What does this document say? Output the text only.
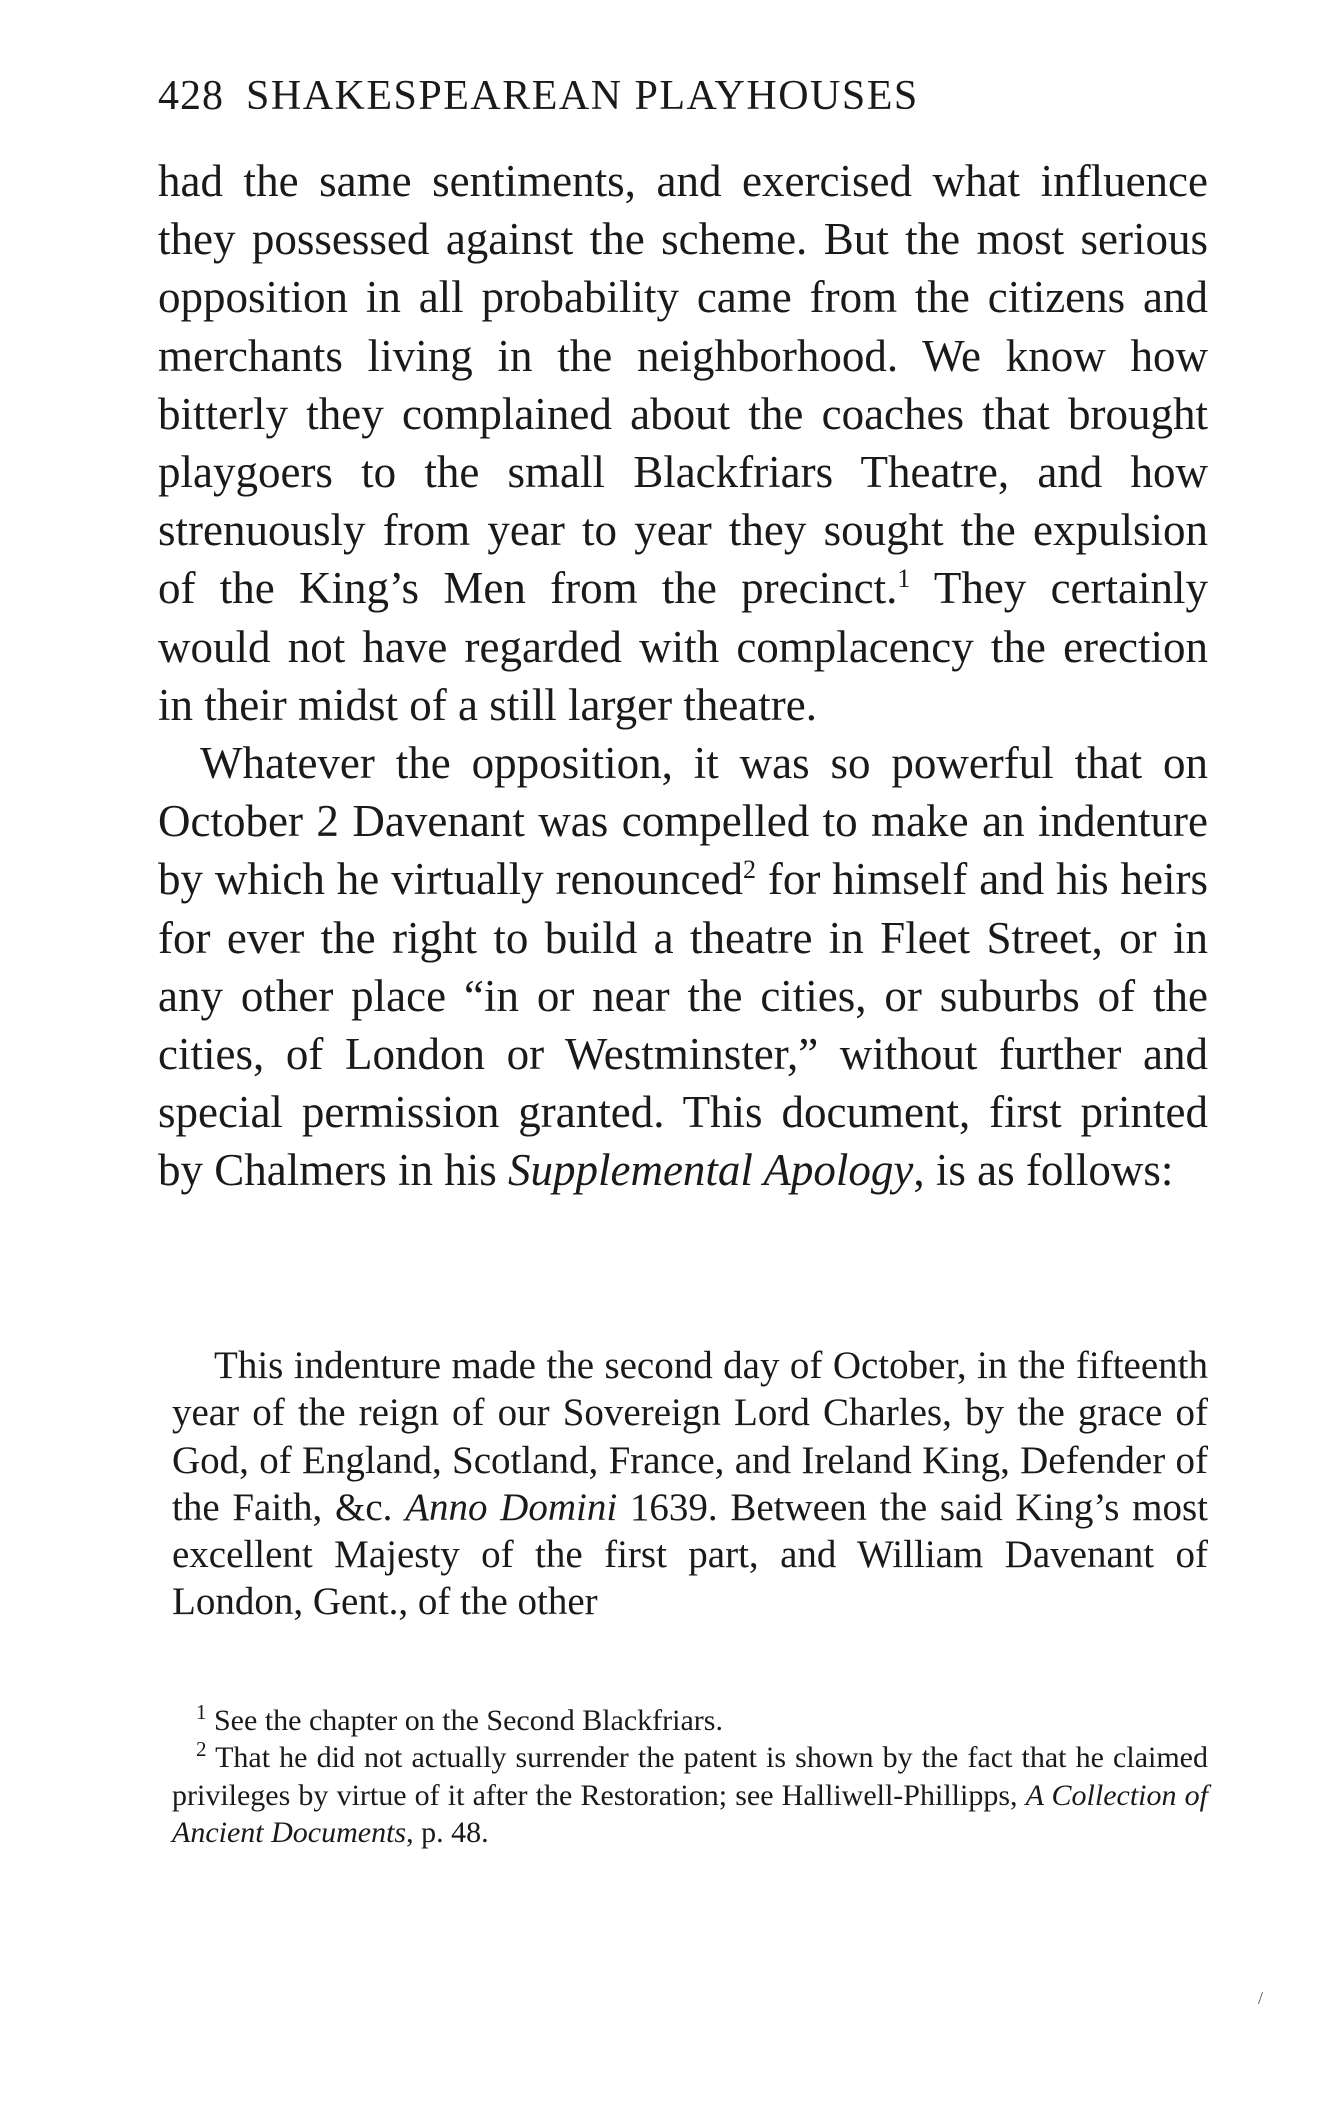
428 SHAKESPEAREAN PLAYHOUSES

had the same sentiments, and exercised what influence they possessed against the scheme. But the most serious opposition in all probability came from the citizens and merchants living in the neighborhood. We know how bitterly they complained about the coaches that brought playgoers to the small Blackfriars Theatre, and how strenuously from year to year they sought the expulsion of the King’s Men from the precinct.$^1$ They certainly would not have regarded with complacency the erection in their midst of a still larger theatre.

Whatever the opposition, it was so powerful that on October 2 Davenant was compelled to make an indenture by which he virtually renounced$^2$ for himself and his heirs for ever the right to build a theatre in Fleet Street, or in any other place “in or near the cities, or suburbs of the cities, of London or Westminster,” without further and special permission granted. This document, first printed by Chalmers in his Supplemental Apology, is as follows:

This indenture made the second day of October, in the fifteenth year of the reign of our Sovereign Lord Charles, by the grace of God, of England, Scotland, France, and Ireland King, Defender of the Faith, &c. Anno Domini 1639. Between the said King’s most excellent Majesty of the first part, and William Davenant of London, Gent., of the other

$^1$ See the chapter on the Second Blackfriars.

$^2$ That he did not actually surrender the patent is shown by the fact that he claimed privileges by virtue of it after the Restoration; see Halliwell-Phillipps, A Collection of Ancient Documents, p. 48.

/
